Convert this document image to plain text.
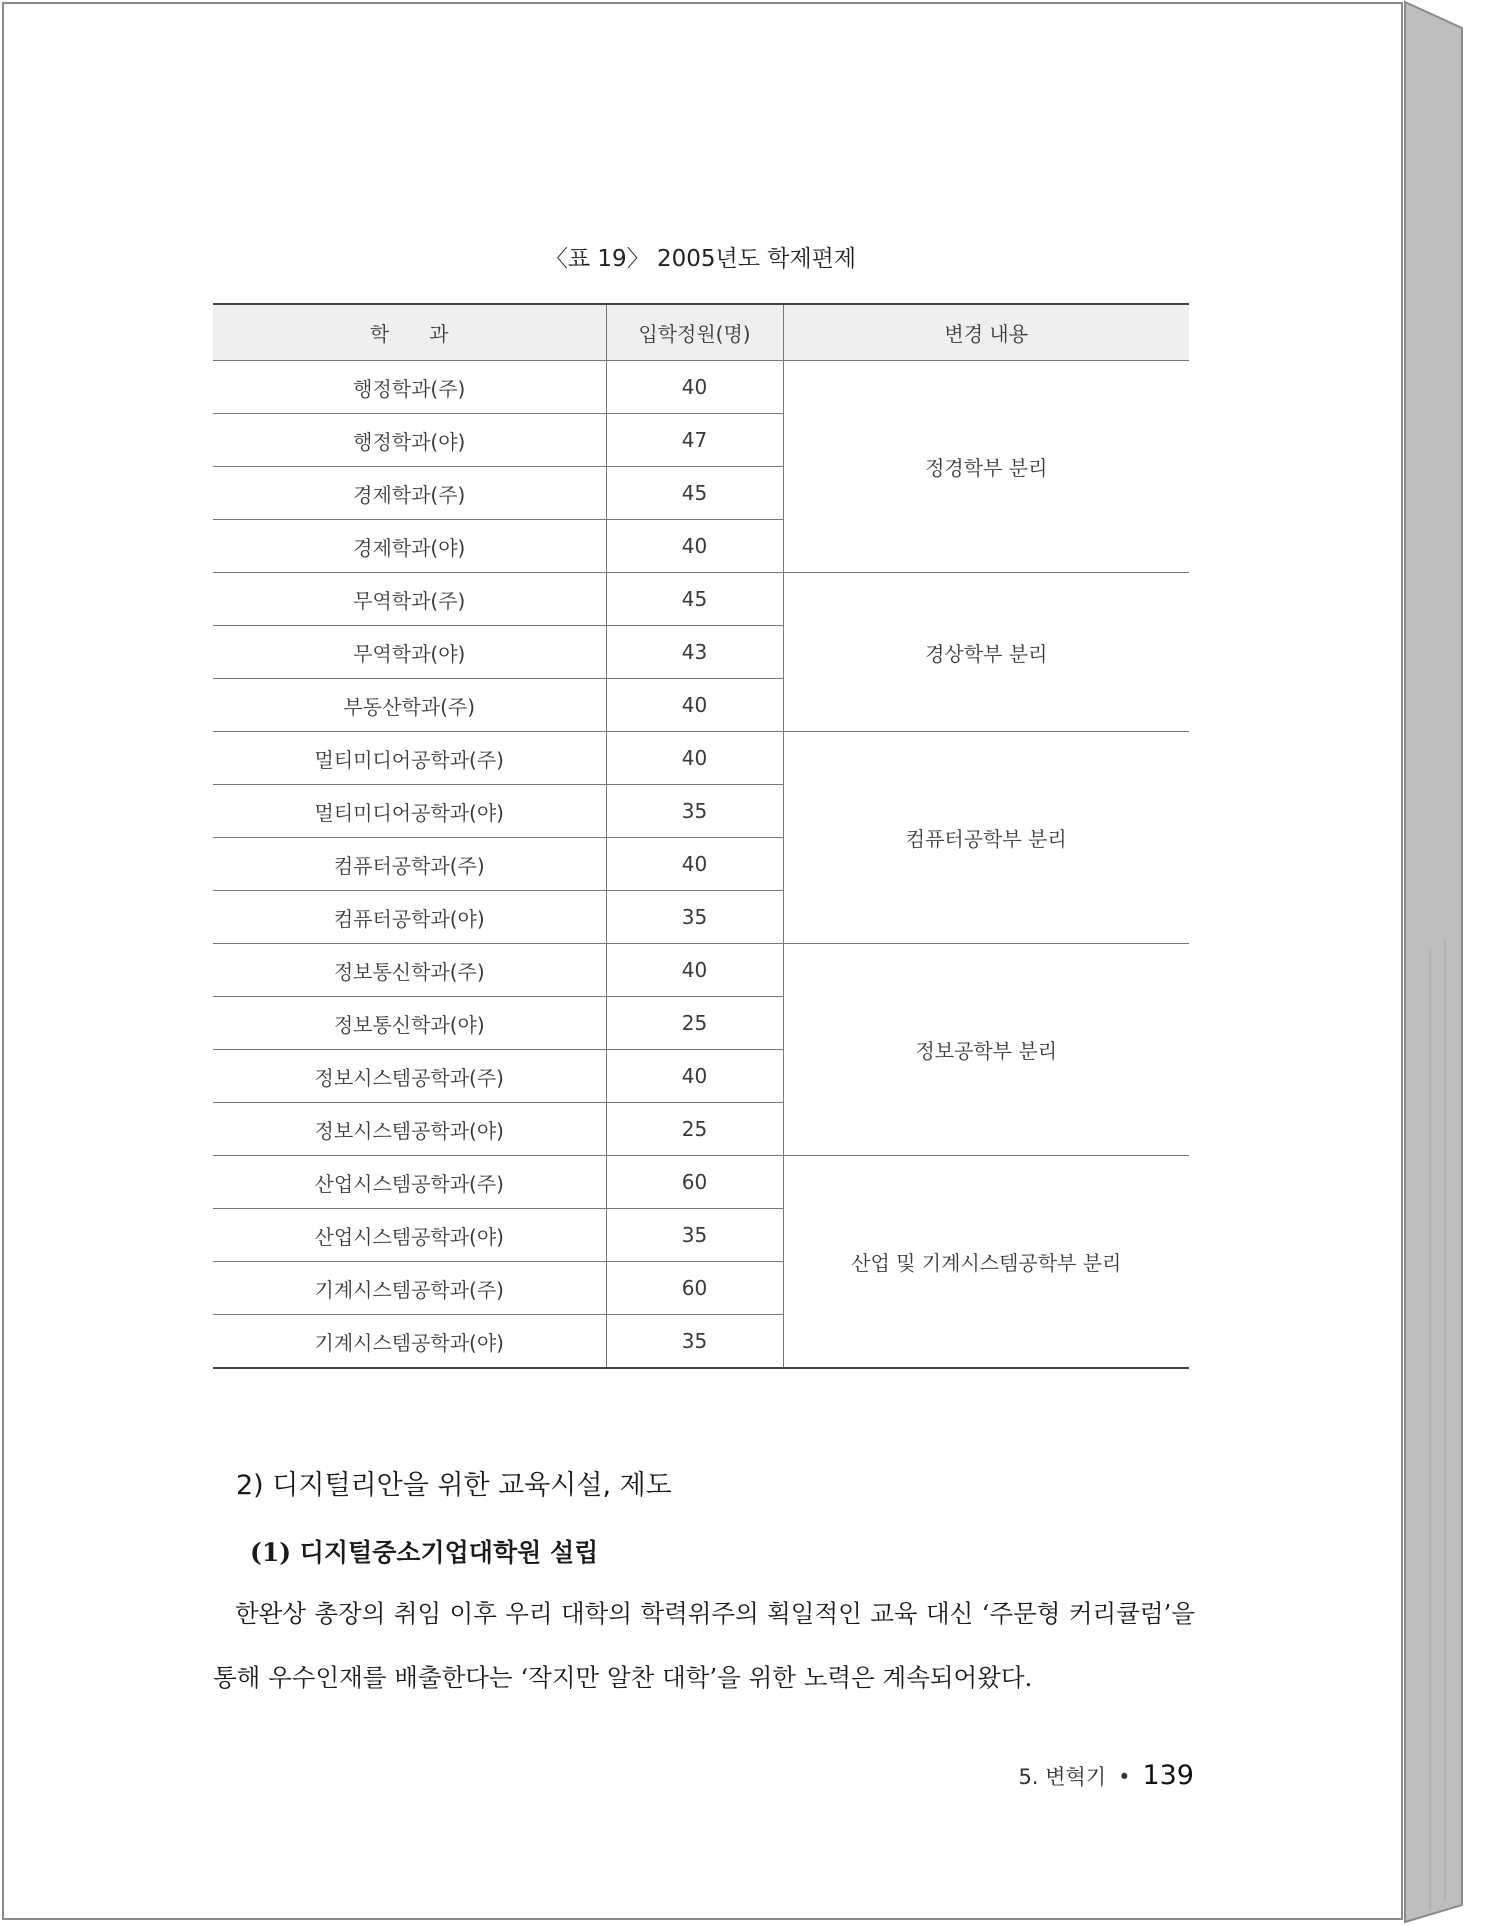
〈표 19〉 2005년도 학제편제
학　　과	입학정원(명)	변경 내용
행정학과(주)	40	정경학부 분리
행정학과(야)	47	
경제학과(주)	45	
경제학과(야)	40	
무역학과(주)	45	경상학부 분리
무역학과(야)	43	
부동산학과(주)	40	
멀티미디어공학과(주)	40	컴퓨터공학부 분리
멀티미디어공학과(야)	35	
컴퓨터공학과(주)	40	
컴퓨터공학과(야)	35	
정보통신학과(주)	40	정보공학부 분리
정보통신학과(야)	25	
정보시스템공학과(주)	40	
정보시스템공학과(야)	25	
산업시스템공학과(주)	60	산업 및 기계시스템공학부 분리
산업시스템공학과(야)	35	
기계시스템공학과(주)	60	
기계시스템공학과(야)	35	
2) 디지털리안을 위한 교육시설, 제도
(1) 디지털중소기업대학원 설립
한완상 총장의 취임 이후 우리 대학의 학력위주의 획일적인 교육 대신 ‘주문형 커리큘럼’을 통해 우수인재를 배출한다는 ‘작지만 알찬 대학’을 위한 노력은 계속되어왔다.
5. 변혁기 • 139
